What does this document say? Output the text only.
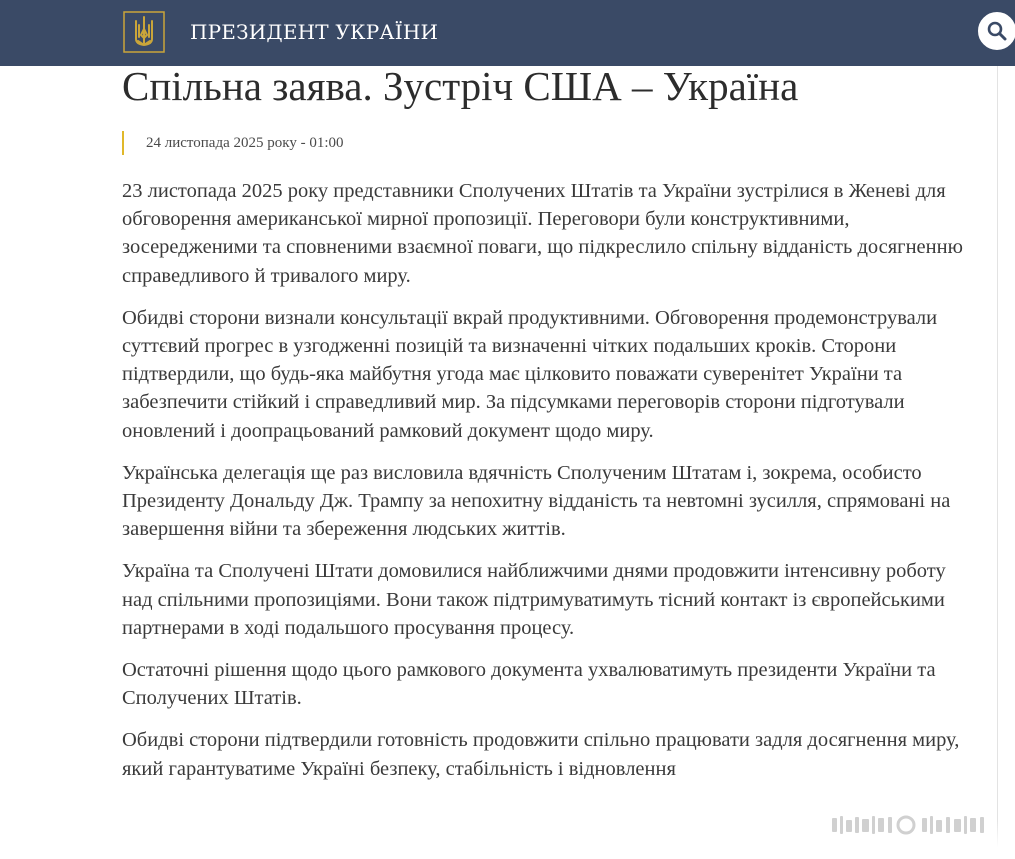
ПРЕЗИДЕНТ УКРАЇНИ
Спільна заява. Зустріч США – Україна
24 листопада 2025 року - 01:00

23 листопада 2025 року представники Сполучених Штатів та України зустрілися в Женеві для обговорення американської мирної пропозиції. Переговори були конструктивними, зосередженими та сповненими взаємної поваги, що підкреслило спільну відданість досягненню справедливого й тривалого миру.

Обидві сторони визнали консультації вкрай продуктивними. Обговорення продемонстрували суттєвий прогрес в узгодженні позицій та визначенні чітких подальших кроків. Сторони підтвердили, що будь-яка майбутня угода має цілковито поважати суверенітет України та забезпечити стійкий і справедливий мир. За підсумками переговорів сторони підготували оновлений і доопрацьований рамковий документ щодо миру.

Українська делегація ще раз висловила вдячність Сполученим Штатам і, зокрема, особисто Президенту Дональду Дж. Трампу за непохитну відданість та невтомні зусилля, спрямовані на завершення війни та збереження людських життів.

Україна та Сполучені Штати домовилися найближчими днями продовжити інтенсивну роботу над спільними пропозиціями. Вони також підтримуватимуть тісний контакт із європейськими партнерами в ході подальшого просування процесу.

Остаточні рішення щодо цього рамкового документа ухвалюватимуть президенти України та Сполучених Штатів.

Обидві сторони підтвердили готовність продовжити спільно працювати задля досягнення миру, який гарантуватиме Україні безпеку, стабільність і відновлення
